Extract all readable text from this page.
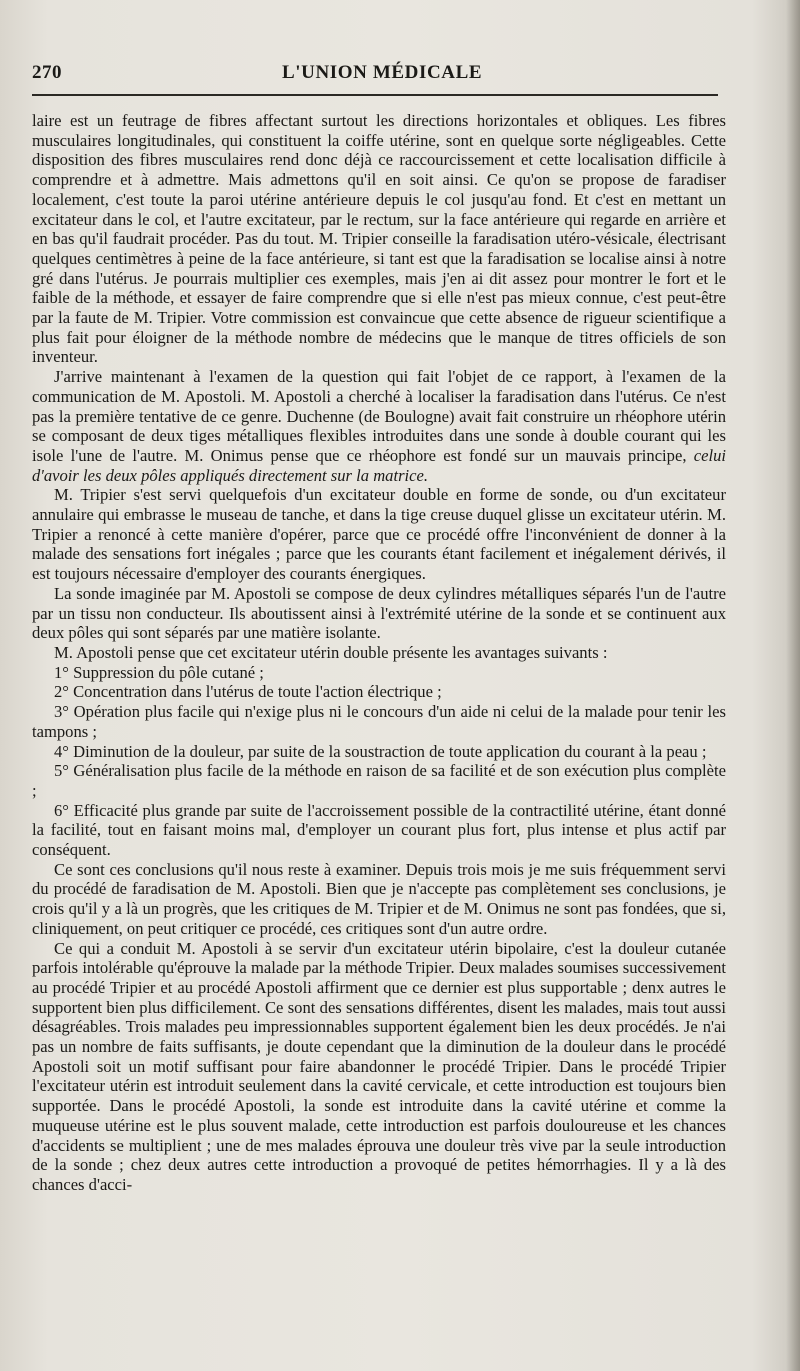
270	L'UNION MÉDICALE

laire est un feutrage de fibres affectant surtout les directions horizontales et obliques. Les fibres musculaires longitudinales, qui constituent la coiffe utérine, sont en quelque sorte négligeables. Cette disposition des fibres musculaires rend donc déjà ce raccourcissement et cette localisation difficile à comprendre et à admettre. Mais admettons qu'il en soit ainsi. Ce qu'on se propose de faradiser localement, c'est toute la paroi utérine antérieure depuis le col jusqu'au fond. Et c'est en mettant un excitateur dans le col, et l'autre excitateur, par le rectum, sur la face antérieure qui regarde en arrière et en bas qu'il faudrait procéder. Pas du tout. M. Tripier conseille la faradisation utéro-vésicale, électrisant quelques centimètres à peine de la face antérieure, si tant est que la faradisation se localise ainsi à notre gré dans l'utérus. Je pourrais multiplier ces exemples, mais j'en ai dit assez pour montrer le fort et le faible de la méthode, et essayer de faire comprendre que si elle n'est pas mieux connue, c'est peut-être par la faute de M. Tripier. Votre commission est convaincue que cette absence de rigueur scientifique a plus fait pour éloigner de la méthode nombre de médecins que le manque de titres officiels de son inventeur.

J'arrive maintenant à l'examen de la question qui fait l'objet de ce rapport, à l'examen de la communication de M. Apostoli. M. Apostoli a cherché à localiser la faradisation dans l'utérus. Ce n'est pas la première tentative de ce genre. Duchenne (de Boulogne) avait fait construire un rhéophore utérin se composant de deux tiges métalliques flexibles introduites dans une sonde à double courant qui les isole l'une de l'autre. M. Onimus pense que ce rhéophore est fondé sur un mauvais principe, celui d'avoir les deux pôles appliqués directement sur la matrice.

M. Tripier s'est servi quelquefois d'un excitateur double en forme de sonde, ou d'un excitateur annulaire qui embrasse le museau de tanche, et dans la tige creuse duquel glisse un excitateur utérin. M. Tripier a renoncé à cette manière d'opérer, parce que ce procédé offre l'inconvénient de donner à la malade des sensations fort inégales ; parce que les courants étant facilement et inégalement dérivés, il est toujours nécessaire d'employer des courants énergiques.

La sonde imaginée par M. Apostoli se compose de deux cylindres métalliques séparés l'un de l'autre par un tissu non conducteur. Ils aboutissent ainsi à l'extrémité utérine de la sonde et se continuent aux deux pôles qui sont séparés par une matière isolante.

M. Apostoli pense que cet excitateur utérin double présente les avantages suivants :

1° Suppression du pôle cutané ;

2° Concentration dans l'utérus de toute l'action électrique ;

3° Opération plus facile qui n'exige plus ni le concours d'un aide ni celui de la malade pour tenir les tampons ;

4° Diminution de la douleur, par suite de la soustraction de toute application du courant à la peau ;

5° Généralisation plus facile de la méthode en raison de sa facilité et de son exécution plus complète ;

6° Efficacité plus grande par suite de l'accroissement possible de la contractilité utérine, étant donné la facilité, tout en faisant moins mal, d'employer un courant plus fort, plus intense et plus actif par conséquent.

Ce sont ces conclusions qu'il nous reste à examiner. Depuis trois mois je me suis fréquemment servi du procédé de faradisation de M. Apostoli. Bien que je n'accepte pas complètement ses conclusions, je crois qu'il y a là un progrès, que les critiques de M. Tripier et de M. Onimus ne sont pas fondées, que si, cliniquement, on peut critiquer ce procédé, ces critiques sont d'un autre ordre.

Ce qui a conduit M. Apostoli à se servir d'un excitateur utérin bipolaire, c'est la douleur cutanée parfois intolérable qu'éprouve la malade par la méthode Tripier. Deux malades soumises successivement au procédé Tripier et au procédé Apostoli affirment que ce dernier est plus supportable ; denx autres le supportent bien plus difficilement. Ce sont des sensations différentes, disent les malades, mais tout aussi désagréables. Trois malades peu impressionnables supportent également bien les deux procédés. Je n'ai pas un nombre de faits suffisants, je doute cependant que la diminution de la douleur dans le procédé Apostoli soit un motif suffisant pour faire abandonner le procédé Tripier. Dans le procédé Tripier l'excitateur utérin est introduit seulement dans la cavité cervicale, et cette introduction est toujours bien supportée. Dans le procédé Apostoli, la sonde est introduite dans la cavité utérine et comme la muqueuse utérine est le plus souvent malade, cette introduction est parfois douloureuse et les chances d'accidents se multiplient ; une de mes malades éprouva une douleur très vive par la seule introduction de la sonde ; chez deux autres cette introduction a provoqué de petites hémorrhagies. Il y a là des chances d'acci-
